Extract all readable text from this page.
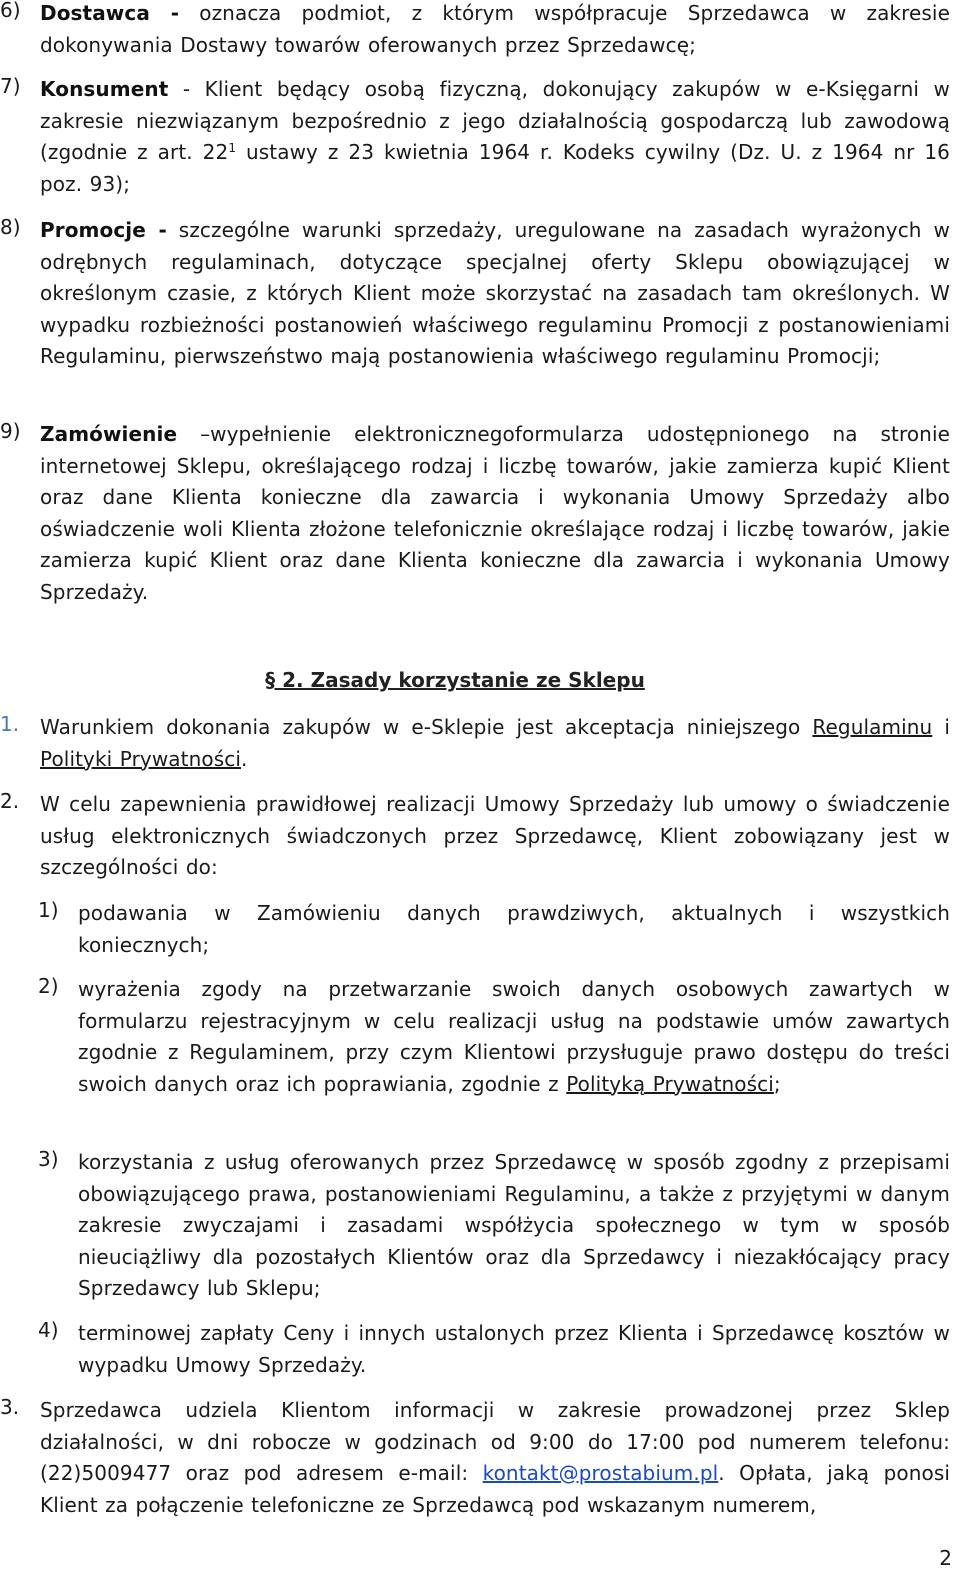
6) Dostawca - oznacza podmiot, z którym współpracuje Sprzedawca w zakresie dokonywania Dostawy towarów oferowanych przez Sprzedawcę;
7) Konsument - Klient będący osobą fizyczną, dokonujący zakupów w e-Księgarni w zakresie niezwiązanym bezpośrednio z jego działalnością gospodarczą lub zawodową (zgodnie z art. $22^1$ ustawy z 23 kwietnia 1964 r. Kodeks cywilny (Dz. U. z 1964 nr 16 poz. 93);
8) Promocje - szczególne warunki sprzedaży, uregulowane na zasadach wyrażonych w odrębnych regulaminach, dotyczące specjalnej oferty Sklepu obowiązującej w określonym czasie, z których Klient może skorzystać na zasadach tam określonych. W wypadku rozbieżności postanowień właściwego regulaminu Promocji z postanowieniami Regulaminu, pierwszeństwo mają postanowienia właściwego regulaminu Promocji;
9) Zamówienie –wypełnienie elektronicznegoformularza udostępnionego na stronie internetowej Sklepu, określającego rodzaj i liczbę towarów, jakie zamierza kupić Klient oraz dane Klienta konieczne dla zawarcia i wykonania Umowy Sprzedaży albo oświadczenie woli Klienta złożone telefonicznie określające rodzaj i liczbę towarów, jakie zamierza kupić Klient oraz dane Klienta konieczne dla zawarcia i wykonania Umowy Sprzedaży.
§ 2. Zasady korzystanie ze Sklepu
1.	Warunkiem dokonania zakupów w e-Sklepie jest akceptacja niniejszego Regulaminu i Polityki Prywatności.
2.	W celu zapewnienia prawidłowej realizacji Umowy Sprzedaży lub umowy o świadczenie usług elektronicznych świadczonych przez Sprzedawcę, Klient zobowiązany jest w szczególności do:
1) podawania w Zamówieniu danych prawdziwych, aktualnych i wszystkich koniecznych;
2) wyrażenia zgody na przetwarzanie swoich danych osobowych zawartych w formularzu rejestracyjnym w celu realizacji usług na podstawie umów zawartych zgodnie z Regulaminem, przy czym Klientowi przysługuje prawo dostępu do treści swoich danych oraz ich poprawiania, zgodnie z Polityką Prywatności;
3) korzystania z usług oferowanych przez Sprzedawcę w sposób zgodny z przepisami obowiązującego prawa, postanowieniami Regulaminu, a także z przyjętymi w danym zakresie zwyczajami i zasadami współżycia społecznego w tym w sposób nieuciążliwy dla pozostałych Klientów oraz dla Sprzedawcy i niezakłócający pracy Sprzedawcy lub Sklepu;
4) terminowej zapłaty Ceny i innych ustalonych przez Klienta i Sprzedawcę kosztów w wypadku Umowy Sprzedaży.
3.	Sprzedawca udziela Klientom informacji w zakresie prowadzonej przez Sklep działalności, w dni robocze w godzinach od 9:00 do 17:00 pod numerem telefonu: (22)5009477 oraz pod adresem e-mail: kontakt@prostabium.pl. Opłata, jaką ponosi Klient za połączenie telefoniczne ze Sprzedawcą pod wskazanym numerem,
2
